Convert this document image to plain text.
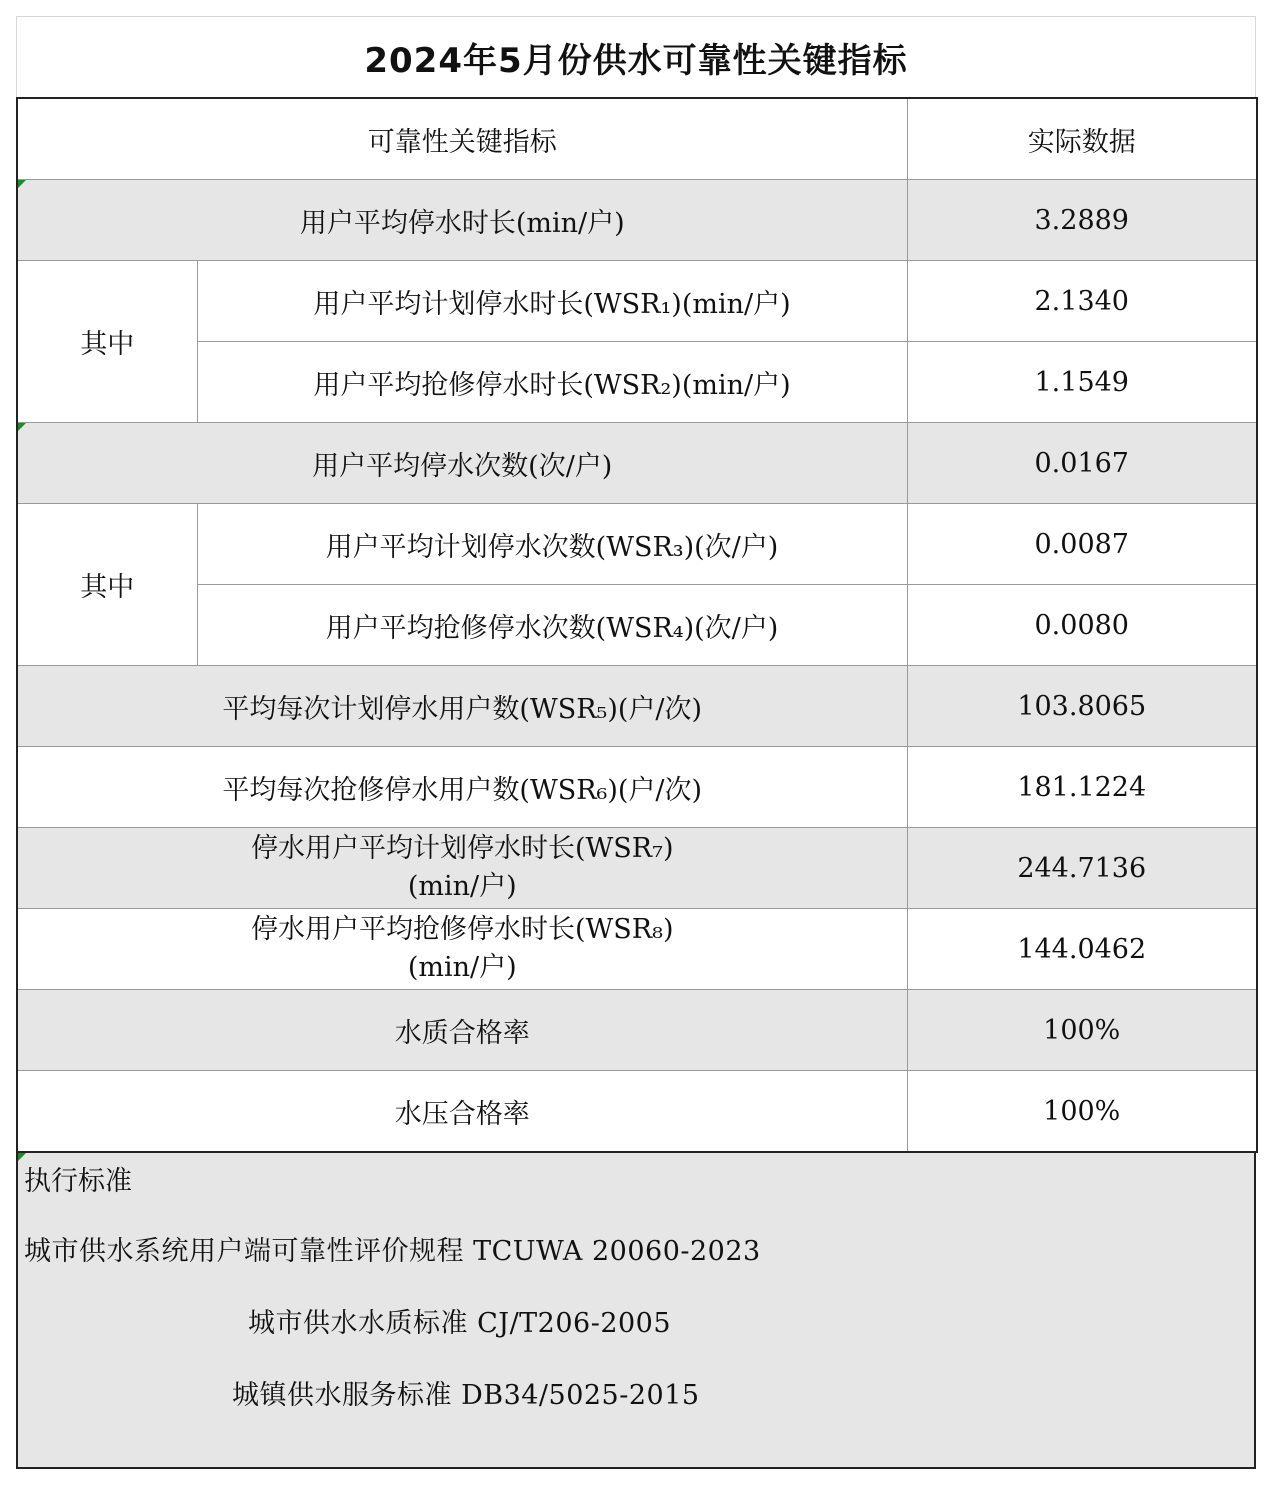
2024年5月份供水可靠性关键指标
可靠性关键指标		实际数据

用户平均停水时长(min/户)		3.2889
其中	用户平均计划停水时长(WSR₁)(min/户)	2.1340
	用户平均抢修停水时长(WSR₂)(min/户)	1.1549

用户平均停水次数(次/户)		0.0167
其中	用户平均计划停水次数(WSR₃)(次/户)	0.0087
	用户平均抢修停水次数(WSR₄)(次/户)	0.0080
平均每次计划停水用户数(WSR₅)(户/次)		103.8065
平均每次抢修停水用户数(WSR₆)(户/次)		181.1224
停水用户平均计划停水时长(WSR₇)
(min/户)		244.7136
停水用户平均抢修停水时长(WSR₈)
(min/户)		144.0462
水质合格率		100%
水压合格率		100%
执行标准
城市供水系统用户端可靠性评价规程 TCUWA 20060-2023
城市供水水质标准 CJ/T206-2005
城镇供水服务标准 DB34/5025-2015
